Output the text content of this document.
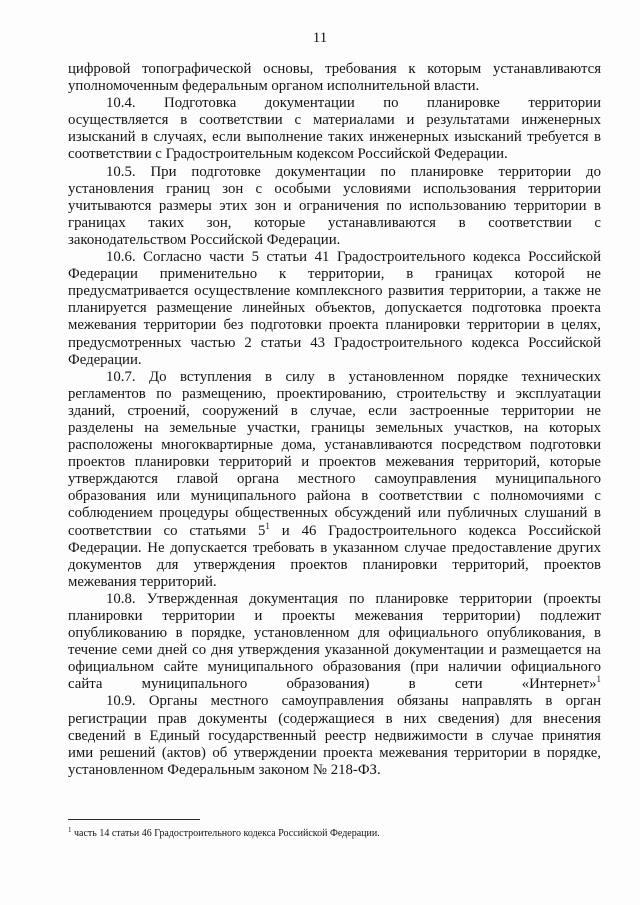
11
цифровой топографической основы, требования к которым устанавливаются
уполномоченным федеральным органом исполнительной власти.
10.4. Подготовка документации по планировке территории
осуществляется в соответствии с материалами и результатами инженерных
изысканий в случаях, если выполнение таких инженерных изысканий требуется в
соответствии с Градостроительным кодексом Российской Федерации.
10.5. При подготовке документации по планировке территории до
установления границ зон с особыми условиями использования территории
учитываются размеры этих зон и ограничения по использованию территории в
границах таких зон, которые устанавливаются в соответствии с
законодательством Российской Федерации.
10.6. Согласно части 5 статьи 41 Градостроительного кодекса Российской
Федерации применительно к территории, в границах которой не
предусматривается осуществление комплексного развития территории, а также не
планируется размещение линейных объектов, допускается подготовка проекта
межевания территории без подготовки проекта планировки территории в целях,
предусмотренных частью 2 статьи 43 Градостроительного кодекса Российской
Федерации.
10.7. До вступления в силу в установленном порядке технических
регламентов по размещению, проектированию, строительству и эксплуатации
зданий, строений, сооружений в случае, если застроенные территории не
разделены на земельные участки, границы земельных участков, на которых
расположены многоквартирные дома, устанавливаются посредством подготовки
проектов планировки территорий и проектов межевания территорий, которые
утверждаются главой органа местного самоуправления муниципального
образования или муниципального района в соответствии с полномочиями с
соблюдением процедуры общественных обсуждений или публичных слушаний в
соответствии со статьями $5^1$ и 46 Градостроительного кодекса Российской
Федерации. Не допускается требовать в указанном случае предоставление других
документов для утверждения проектов планировки территорий, проектов
межевания территорий.
10.8. Утвержденная документация по планировке территории (проекты
планировки территории и проекты межевания территории) подлежит
опубликованию в порядке, установленном для официального опубликования, в
течение семи дней со дня утверждения указанной документации и размещается на
официальном сайте муниципального образования (при наличии официального
сайта муниципального образования) в сети «Интернет»$^1$
10.9. Органы местного самоуправления обязаны направлять в орган
регистрации прав документы (содержащиеся в них сведения) для внесения
сведений в Единый государственный реестр недвижимости в случае принятия
ими решений (актов) об утверждении проекта межевания территории в порядке,
установленном Федеральным законом № 218-ФЗ.
$^1$ часть 14 статьи 46 Градостроительного кодекса Российской Федерации.
